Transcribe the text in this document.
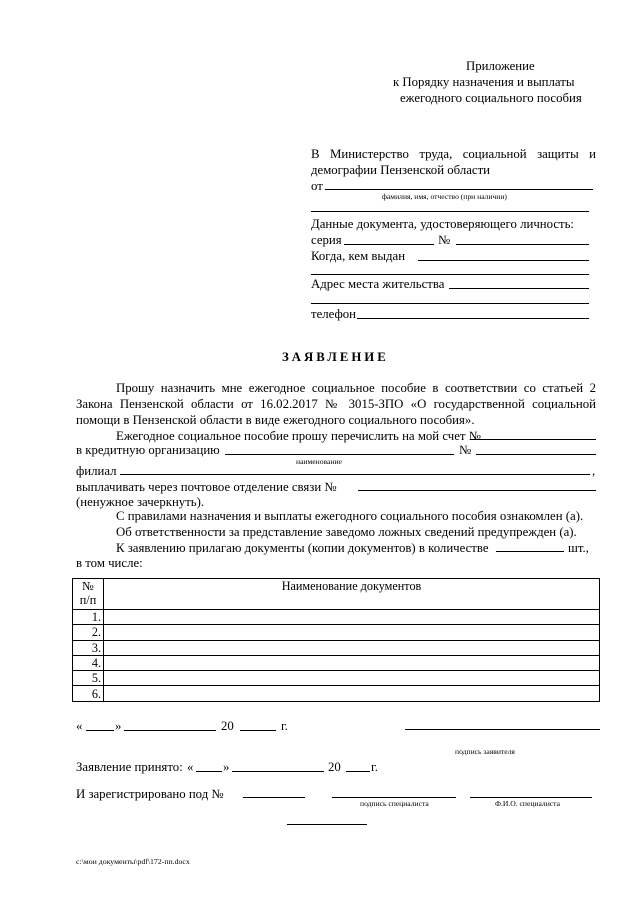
Приложение
к Порядку назначения и выплаты
ежегодного социального пособия
В Министерство труда, социальной защиты и
демографии Пензенской области
от
фамилия, имя, отчество (при наличии)
Данные документа, удостоверяющего личность:
серия	№
Когда, кем выдан
Адрес места жительства
телефон
ЗАЯВЛЕНИЕ
Прошу назначить мне ежегодное социальное пособие в соответствии со статьей 2
Закона Пензенской области от 16.02.2017 № 3015-ЗПО «О государственной социальной
помощи в Пензенской области в виде ежегодного социального пособия».
Ежегодное социальное пособие прошу перечислить на мой счет №
в кредитную организацию	№
наименование
филиал	,
выплачивать через почтовое отделение связи №
(ненужное зачеркнуть).
С правилами назначения и выплаты ежегодного социального пособия ознакомлен (а).
Об ответственности за представление заведомо ложных сведений предупрежден (а).
К заявлению прилагаю документы (копии документов) в количестве	шт.,
в том числе:
№
п/п	Наименование документов
1.	
2.	
3.	
4.	
5.	
6.	
«	»	20	г.
подпись заявителя
Заявление принято: « »	20 г.
И зарегистрировано под №
подпись специалиста	Ф.И.О. специалиста
c:\мои документы\pdf\172-пп.docx
